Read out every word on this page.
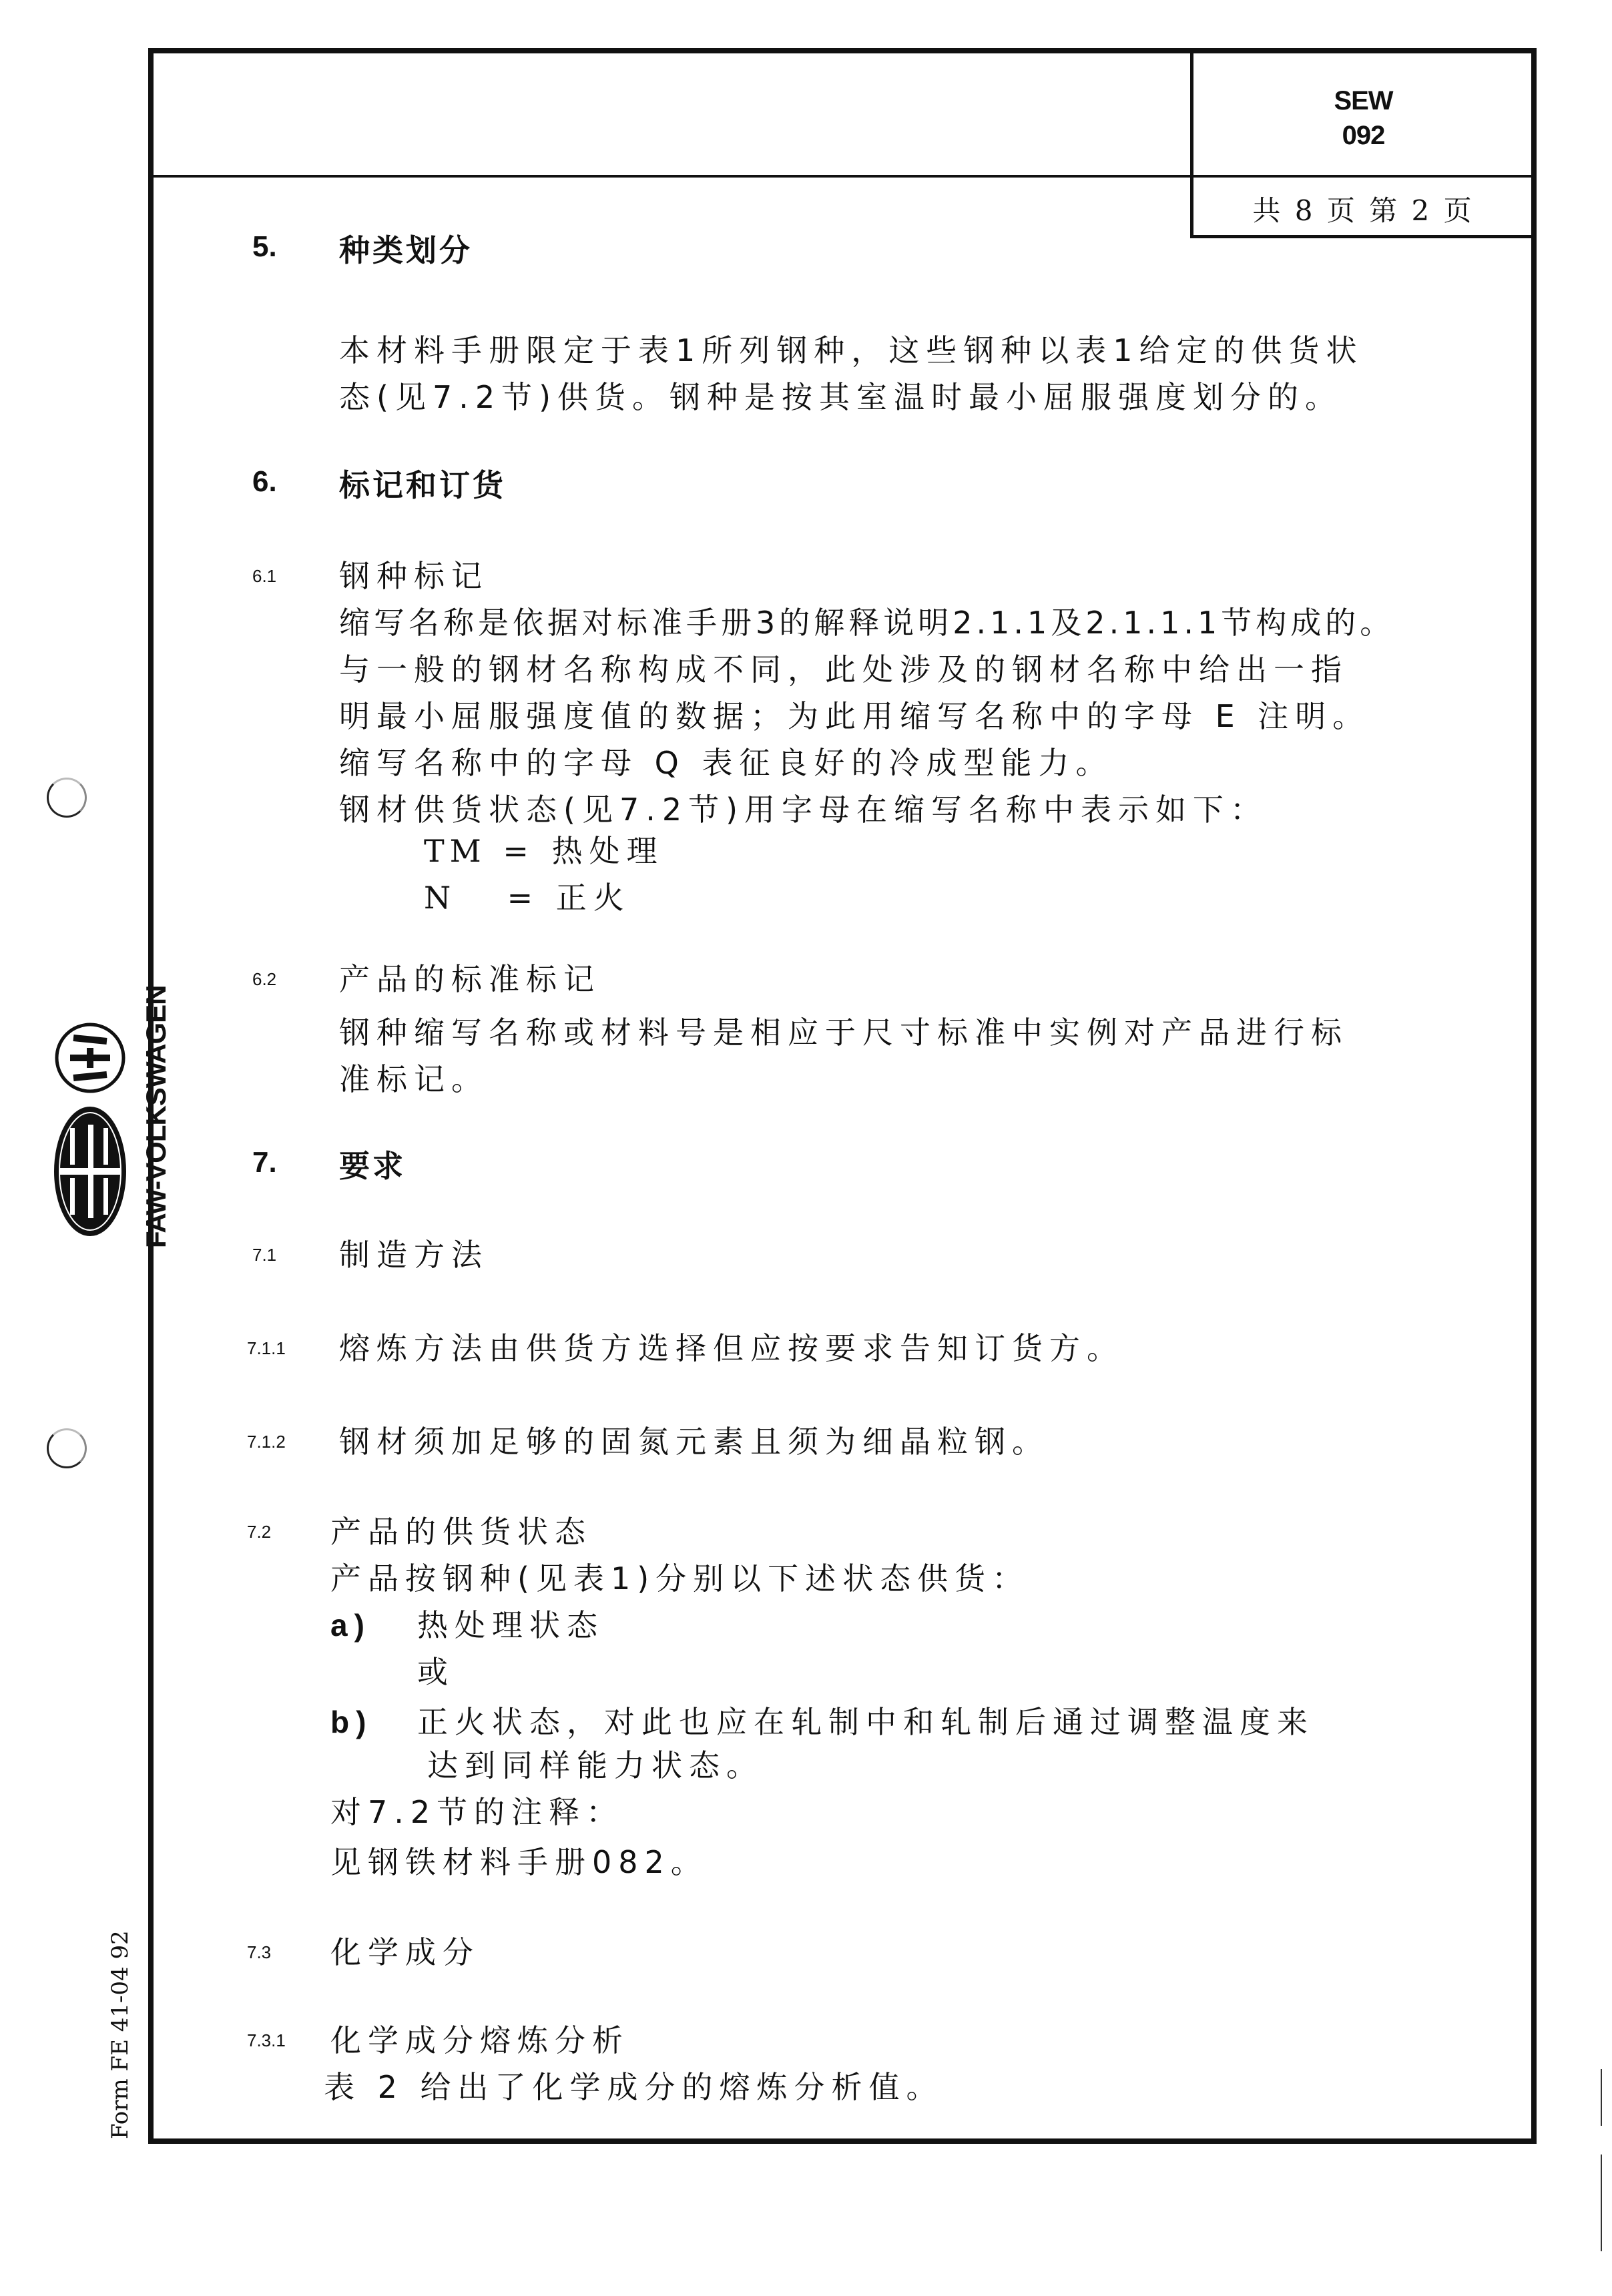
SEW
092
共 8 页 第 2 页
FAW-VOLKSWAGEN
Form FE 41-04 92
5. 种类划分
本材料手册限定于表1所列钢种，这些钢种以表1给定的供货状
态(见7.2节)供货。钢种是按其室温时最小屈服强度划分的。
6. 标记和订货
6.1 钢种标记
缩写名称是依据对标准手册3的解释说明2.1.1及2.1.1.1节构成的。
与一般的钢材名称构成不同，此处涉及的钢材名称中给出一指
明最小屈服强度值的数据；为此用缩写名称中的字母 E 注明。
缩写名称中的字母 Q 表征良好的冷成型能力。
钢材供货状态(见7.2节)用字母在缩写名称中表示如下：
TM = 热处理
N = 正火
6.2 产品的标准标记
钢种缩写名称或材料号是相应于尺寸标准中实例对产品进行标
准标记。
7. 要求
7.1 制造方法
7.1.1 熔炼方法由供货方选择但应按要求告知订货方。
7.1.2 钢材须加足够的固氮元素且须为细晶粒钢。
7.2 产品的供货状态
产品按钢种(见表1)分别以下述状态供货：
a) 热处理状态
或
b) 正火状态，对此也应在轧制中和轧制后通过调整温度来
达到同样能力状态。
对7.2节的注释：
见钢铁材料手册082。
7.3 化学成分
7.3.1 化学成分熔炼分析
表 2 给出了化学成分的熔炼分析值。
